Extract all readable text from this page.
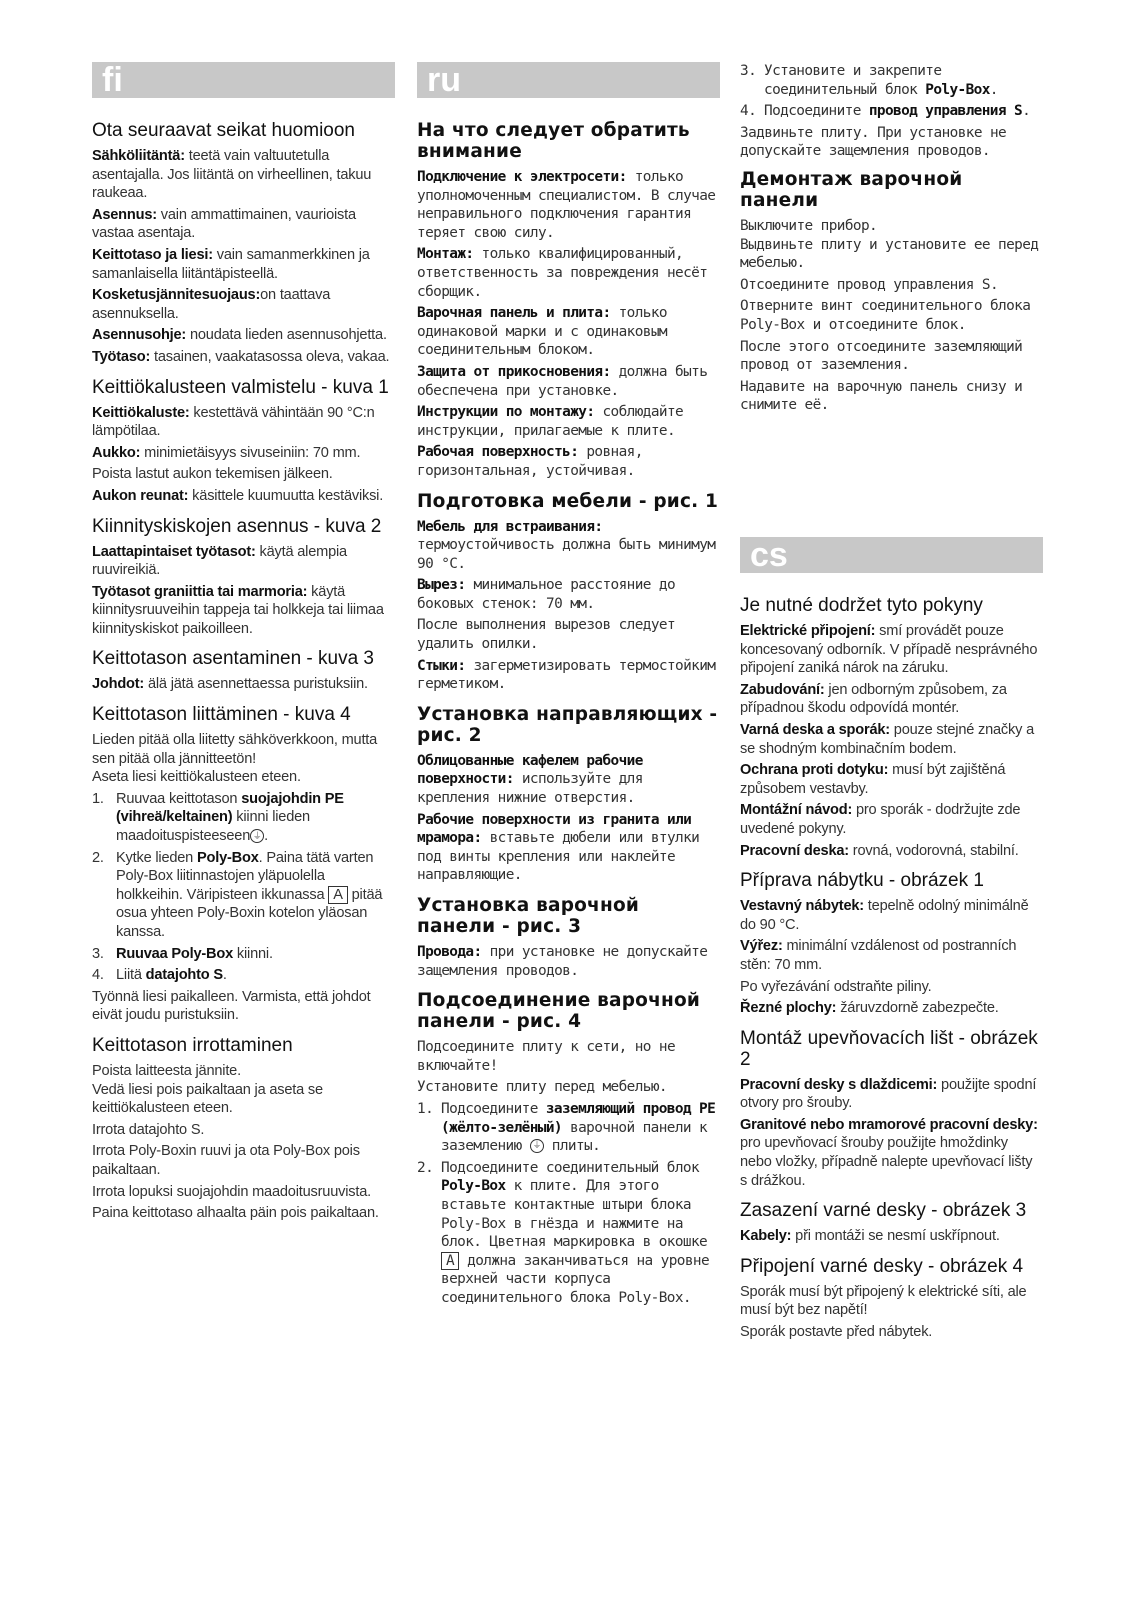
fi
Ota seuraavat seikat huomioon

Sähköliitäntä: teetä vain valtuutetulla asentajalla. Jos liitäntä on virheellinen, takuu raukeaa.

Asennus: vain ammattimainen, vaurioista vastaa asentaja.

Keittotaso ja liesi: vain samanmerkkinen ja samanlaisella liitäntäpisteellä.

Kosketusjännitesuojaus:on taattava asennuksella.

Asennusohje: noudata lieden asennusohjetta.

Työtaso: tasainen, vaakatasossa oleva, vakaa.

Keittiökalusteen valmistelu - kuva 1

Keittiökaluste: kestettävä vähintään 90 °C:n lämpötilaa.

Aukko: minimietäisyys sivuseiniin: 70 mm.

Poista lastut aukon tekemisen jälkeen.

Aukon reunat: käsittele kuumuutta kestäviksi.

Kiinnityskiskojen asennus - kuva 2

Laattapintaiset työtasot: käytä alempia ruuvireikiä.

Työtasot graniittia tai marmoria: käytä kiinnitysruuveihin tappeja tai holkkeja tai liimaa kiinnityskiskot paikoilleen.

Keittotason asentaminen - kuva 3

Johdot: älä jätä asennettaessa puristuksiin.

Keittotason liittäminen - kuva 4

Lieden pitää olla liitetty sähköverkkoon, mutta sen pitää olla jännitteetön!

Aseta liesi keittiökalusteen eteen.

1. Ruuvaa keittotason suojajohdin PE (vihreä/keltainen) kiinni lieden maadoituspisteeseen ⏚ .
2. Kytke lieden Poly-Box. Paina tätä varten Poly-Box liitinnastojen yläpuolella holkkeihin. Väripisteen ikkunassa A pitää osua yhteen Poly-Boxin kotelon yläosan kanssa.
3. Ruuvaa Poly-Box kiinni.
4. Liitä datajohto S.

Työnnä liesi paikalleen. Varmista, että johdot eivät joudu puristuksiin.

Keittotason irrottaminen

Poista laitteesta jännite.
Vedä liesi pois paikaltaan ja aseta se keittiökalusteen eteen.

Irrota datajohto S.

Irrota Poly-Boxin ruuvi ja ota Poly-Box pois paikaltaan.

Irrota lopuksi suojajohdin maadoitusruuvista.

Paina keittotaso alhaalta päin pois paikaltaan.

ru
На что следует обратить внимание

Подключение к электросети: только уполномоченным специалистом. В случае неправильного подключения гарантия теряет свою силу.

Монтаж: только квалифицированный, ответственность за повреждения несёт сборщик.

Варочная панель и плита: только одинаковой марки и с одинаковым соединительным блоком.

Защита от прикосновения: должна быть обеспечена при установке.

Инструкции по монтажу: соблюдайте инструкции, прилагаемые к плите.

Рабочая поверхность: ровная, горизонтальная, устойчивая.

Подготовка мебели - рис. 1

Мебель для встраивания: термоустойчивость должна быть минимум 90 °C.

Вырез: минимальное расстояние до боковых стенок: 70 мм.

После выполнения вырезов следует удалить опилки.

Стыки: загерметизировать термостойким герметиком.

Установка направляющих - рис. 2

Облицованные кафелем рабочие поверхности: используйте для крепления нижние отверстия.

Рабочие поверхности из гранита или мрамора: вставьте дюбели или втулки под винты крепления или наклейте направляющие.

Установка варочной панели - рис. 3

Провода: при установке не допускайте защемления проводов.

Подсоединение варочной панели - рис. 4

Подсоедините плиту к сети, но не включайте!

Установите плиту перед мебелью.

1. Подсоедините заземляющий провод PE (жёлто-зелёный) варочной панели к заземлению ⏚ плиты.
2. Подсоедините соединительный блок Poly-Box к плите. Для этого вставьте контактные штыри блока Poly-Box в гнёзда и нажмите на блок. Цветная маркировка в окошке A должна заканчиваться на уровне верхней части корпуса соединительного блока Poly-Box.
3. Установите и закрепите соединительный блок Poly-Box.
4. Подсоедините провод управления S.

Задвиньте плиту. При установке не допускайте защемления проводов.

Демонтаж варочной панели

Выключите прибор.
Выдвиньте плиту и установите ее перед мебелью.

Отсоедините провод управления S.

Отверните винт соединительного блока Poly-Box и отсоедините блок.

После этого отсоедините заземляющий провод от заземления.

Надавите на варочную панель снизу и снимите её.

cs
Je nutné dodržet tyto pokyny

Elektrické připojení: smí provádět pouze koncesovaný odborník. V případě nesprávného připojení zaniká nárok na záruku.

Zabudování: jen odborným způsobem, za případnou škodu odpovídá montér.

Varná deska a sporák: pouze stejné značky a se shodným kombinačním bodem.

Ochrana proti dotyku: musí být zajištěná způsobem vestavby.

Montážní návod: pro sporák - dodržujte zde uvedené pokyny.

Pracovní deska: rovná, vodorovná, stabilní.

Příprava nábytku - obrázek 1

Vestavný nábytek: tepelně odolný minimálně do 90 °C.

Výřez: minimální vzdálenost od postranních stěn: 70 mm.

Po vyřezávání odstraňte piliny.

Řezné plochy: žáruvzdorně zabezpečte.

Montáž upevňovacích lišt - obrázek 2

Pracovní desky s dlaždicemi: použijte spodní otvory pro šrouby.

Granitové nebo mramorové pracovní desky: pro upevňovací šrouby použijte hmoždinky nebo vložky, případně nalepte upevňovací lišty s drážkou.

Zasazení varné desky - obrázek 3

Kabely: při montáži se nesmí uskřípnout.

Připojení varné desky - obrázek 4

Sporák musí být připojený k elektrické síti, ale musí být bez napětí!

Sporák postavte před nábytek.
